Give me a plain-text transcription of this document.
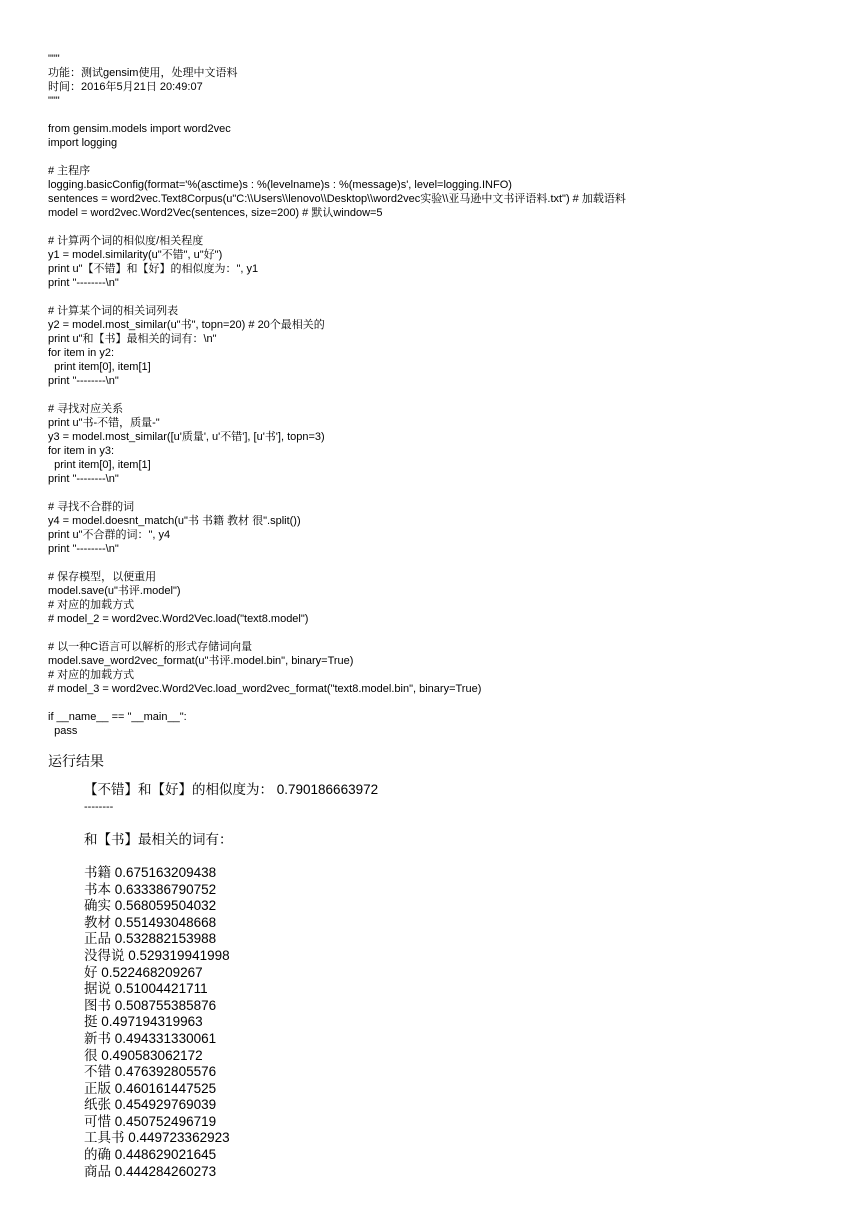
"""
功能：测试gensim使用，处理中文语料
时间：2016年5月21日 20:49:07
"""
from gensim.models import word2vec
import logging
# 主程序
logging.basicConfig(format='%(asctime)s : %(levelname)s : %(message)s', level=logging.INFO)
sentences = word2vec.Text8Corpus(u"C:\\Users\\lenovo\\Desktop\\word2vec实验\\亚马逊中文书评语料.txt") # 加载语料
model = word2vec.Word2Vec(sentences, size=200) # 默认window=5
# 计算两个词的相似度/相关程度
y1 = model.similarity(u"不错", u"好")
print u"【不错】和【好】的相似度为：", y1
print "--------\n"
# 计算某个词的相关词列表
y2 = model.most_similar(u"书", topn=20) # 20个最相关的
print u"和【书】最相关的词有：\n"
for item in y2:
print item[0], item[1]
print "--------\n"
# 寻找对应关系
print u"书-不错，质量-"
y3 = model.most_similar([u'质量', u'不错'], [u'书'], topn=3)
for item in y3:
print item[0], item[1]
print "--------\n"
# 寻找不合群的词
y4 = model.doesnt_match(u"书 书籍 教材 很".split())
print u"不合群的词：", y4
print "--------\n"
# 保存模型，以便重用
model.save(u"书评.model")
# 对应的加载方式
# model_2 = word2vec.Word2Vec.load("text8.model")
# 以一种C语言可以解析的形式存储词向量
model.save_word2vec_format(u"书评.model.bin", binary=True)
# 对应的加载方式
# model_3 = word2vec.Word2Vec.load_word2vec_format("text8.model.bin", binary=True)
if __name__ == "__main__":
pass
运行结果
【不错】和【好】的相似度为： 0.790186663972
--------
和【书】最相关的词有：
书籍 0.675163209438
书本 0.633386790752
确实 0.568059504032
教材 0.551493048668
正品 0.532882153988
没得说 0.529319941998
好 0.522468209267
据说 0.51004421711
图书 0.508755385876
挺 0.497194319963
新书 0.494331330061
很 0.490583062172
不错 0.476392805576
正版 0.460161447525
纸张 0.454929769039
可惜 0.450752496719
工具书 0.449723362923
的确 0.448629021645
商品 0.444284260273
